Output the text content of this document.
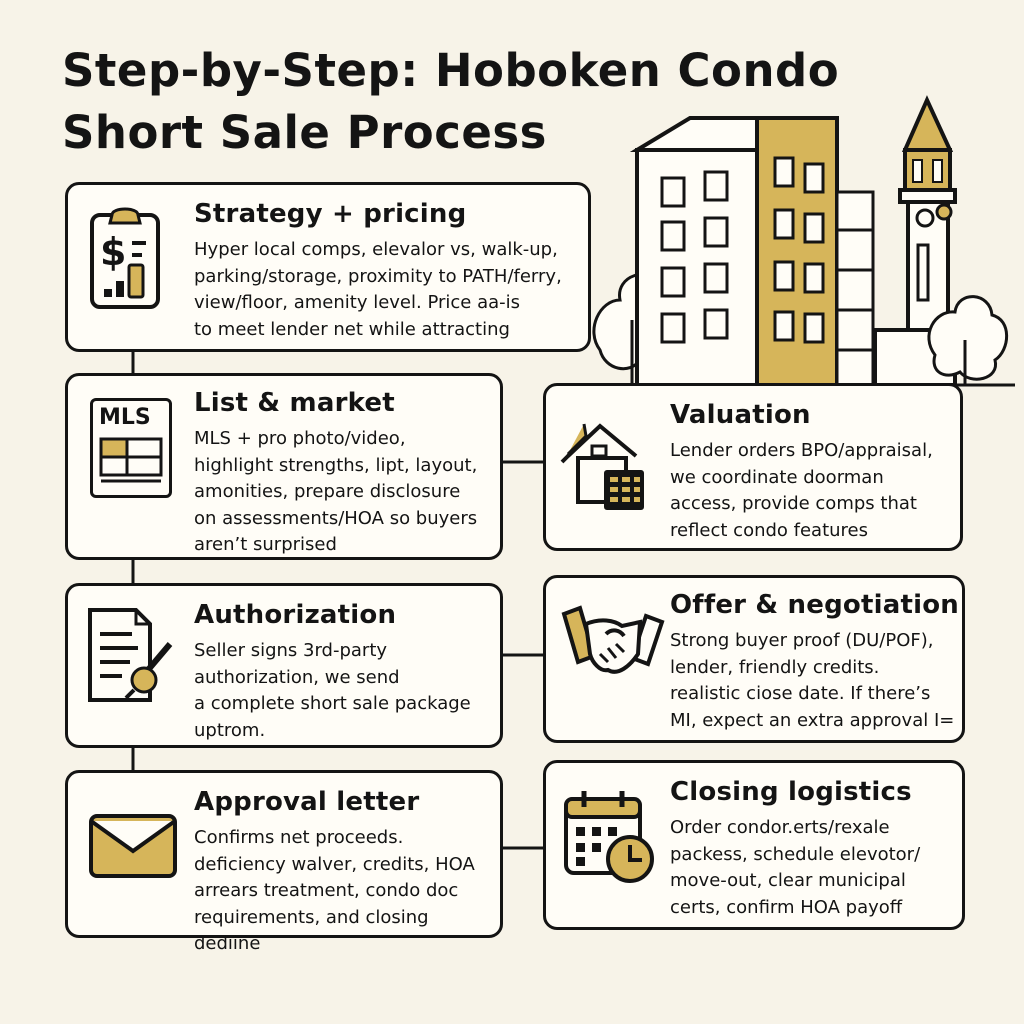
Step-by-Step: Hoboken Condo
Short Sale Process
$
Strategy + pricing
Hyper local comps, elevalor vs, walk-up,
parking/storage, proximity to PATH/ferry,
view/floor, amenity level. Price aa-is
to meet lender net while attracting
MLS List & market
MLS + pro photo/video,
highlight strengths, lipt, layout,
amonities, prepare disclosure
on assessments/HOA so buyers
aren’t surprised
Valuation
Lender orders BPO/appraisal,
we coordinate doorman
access, provide comps that
reflect condo features
Authorization
Seller signs 3rd-party
authorization, we send
a complete short sale package
uptrom.
Offer & negotiation
Strong buyer proof (DU/POF),
lender, friendly credits.
realistic ciose date. If there’s
MI, expect an extra approval I=
Approval letter
Confirms net proceeds.
deficiency walver, credits, HOA
arrears treatment, condo doc
requirements, and closing dediine
Closing logistics
Order condor.erts/rexale
packess, schedule elevotor/
move-out, clear municipal
certs, confirm HOA payoff
